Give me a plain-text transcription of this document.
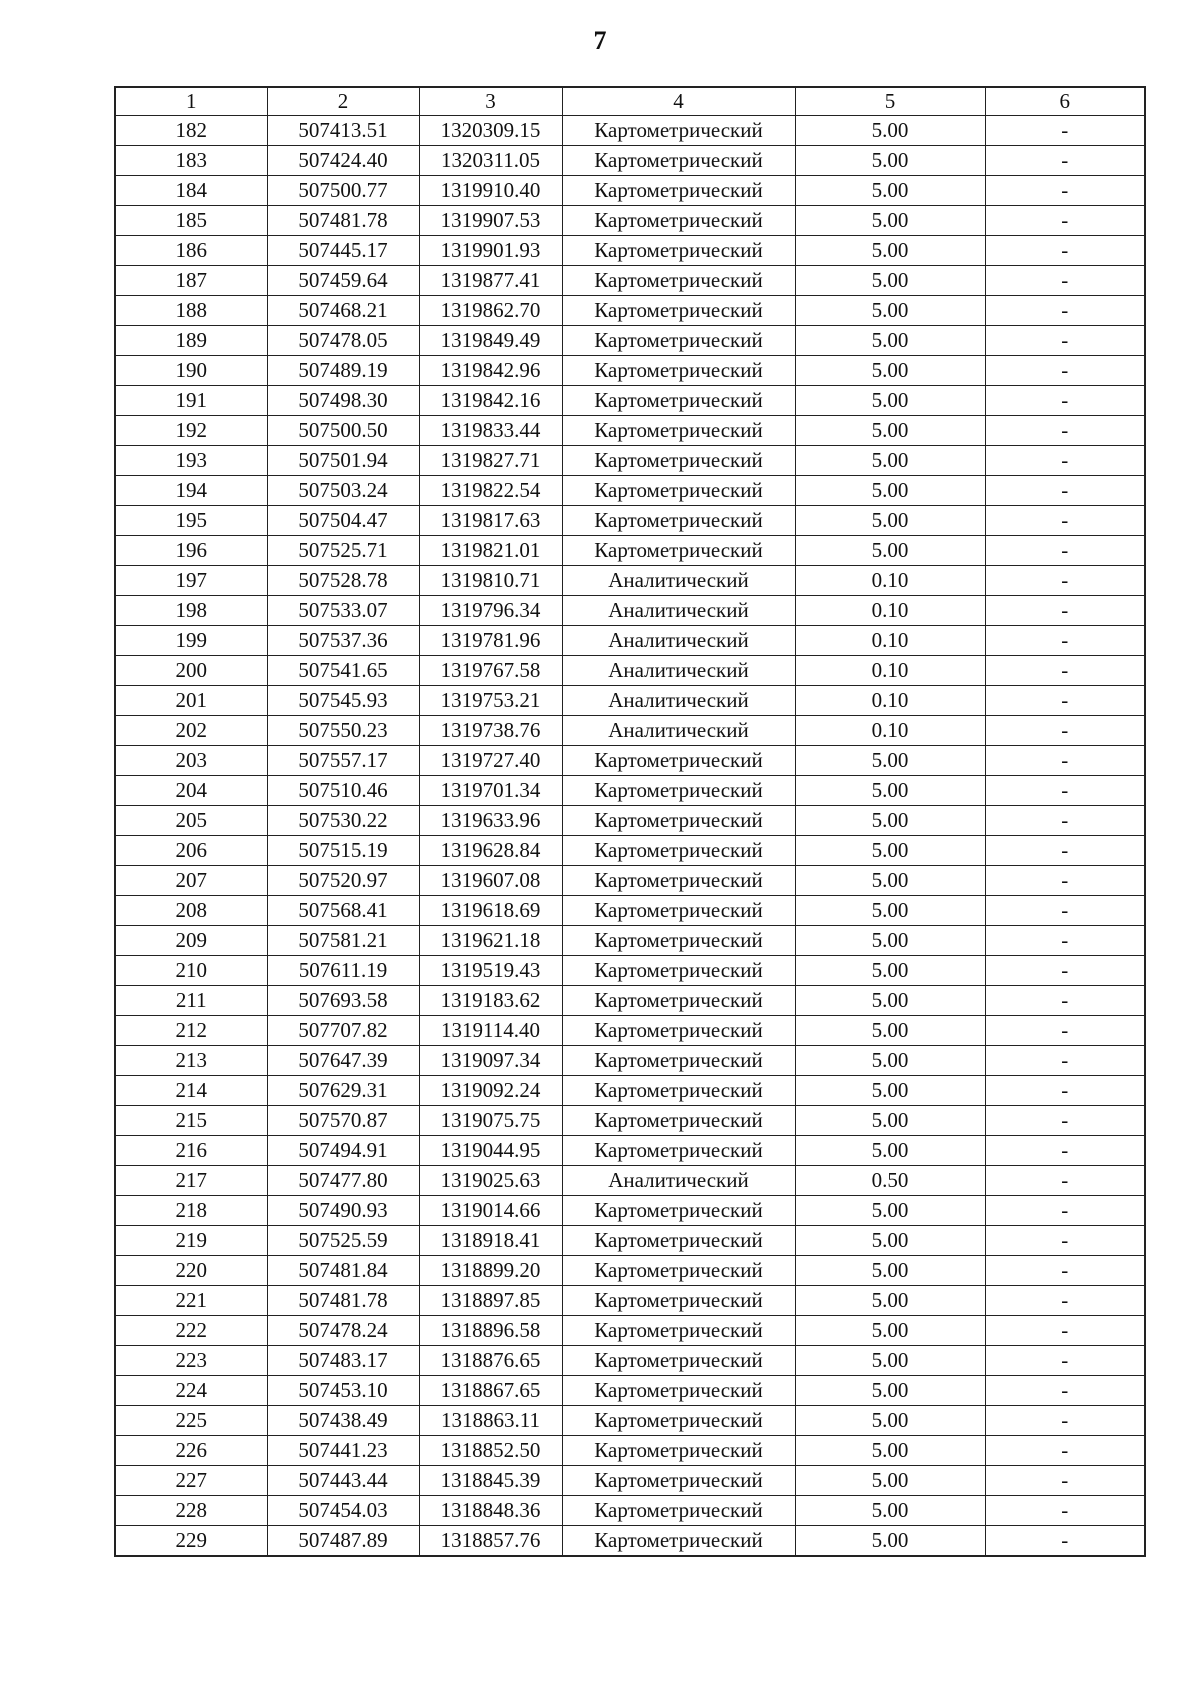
7
1	2	3	4	5	6
182	507413.51	1320309.15	Картометрический	5.00	-
183	507424.40	1320311.05	Картометрический	5.00	-
184	507500.77	1319910.40	Картометрический	5.00	-
185	507481.78	1319907.53	Картометрический	5.00	-
186	507445.17	1319901.93	Картометрический	5.00	-
187	507459.64	1319877.41	Картометрический	5.00	-
188	507468.21	1319862.70	Картометрический	5.00	-
189	507478.05	1319849.49	Картометрический	5.00	-
190	507489.19	1319842.96	Картометрический	5.00	-
191	507498.30	1319842.16	Картометрический	5.00	-
192	507500.50	1319833.44	Картометрический	5.00	-
193	507501.94	1319827.71	Картометрический	5.00	-
194	507503.24	1319822.54	Картометрический	5.00	-
195	507504.47	1319817.63	Картометрический	5.00	-
196	507525.71	1319821.01	Картометрический	5.00	-
197	507528.78	1319810.71	Аналитический	0.10	-
198	507533.07	1319796.34	Аналитический	0.10	-
199	507537.36	1319781.96	Аналитический	0.10	-
200	507541.65	1319767.58	Аналитический	0.10	-
201	507545.93	1319753.21	Аналитический	0.10	-
202	507550.23	1319738.76	Аналитический	0.10	-
203	507557.17	1319727.40	Картометрический	5.00	-
204	507510.46	1319701.34	Картометрический	5.00	-
205	507530.22	1319633.96	Картометрический	5.00	-
206	507515.19	1319628.84	Картометрический	5.00	-
207	507520.97	1319607.08	Картометрический	5.00	-
208	507568.41	1319618.69	Картометрический	5.00	-
209	507581.21	1319621.18	Картометрический	5.00	-
210	507611.19	1319519.43	Картометрический	5.00	-
211	507693.58	1319183.62	Картометрический	5.00	-
212	507707.82	1319114.40	Картометрический	5.00	-
213	507647.39	1319097.34	Картометрический	5.00	-
214	507629.31	1319092.24	Картометрический	5.00	-
215	507570.87	1319075.75	Картометрический	5.00	-
216	507494.91	1319044.95	Картометрический	5.00	-
217	507477.80	1319025.63	Аналитический	0.50	-
218	507490.93	1319014.66	Картометрический	5.00	-
219	507525.59	1318918.41	Картометрический	5.00	-
220	507481.84	1318899.20	Картометрический	5.00	-
221	507481.78	1318897.85	Картометрический	5.00	-
222	507478.24	1318896.58	Картометрический	5.00	-
223	507483.17	1318876.65	Картометрический	5.00	-
224	507453.10	1318867.65	Картометрический	5.00	-
225	507438.49	1318863.11	Картометрический	5.00	-
226	507441.23	1318852.50	Картометрический	5.00	-
227	507443.44	1318845.39	Картометрический	5.00	-
228	507454.03	1318848.36	Картометрический	5.00	-
229	507487.89	1318857.76	Картометрический	5.00	-
